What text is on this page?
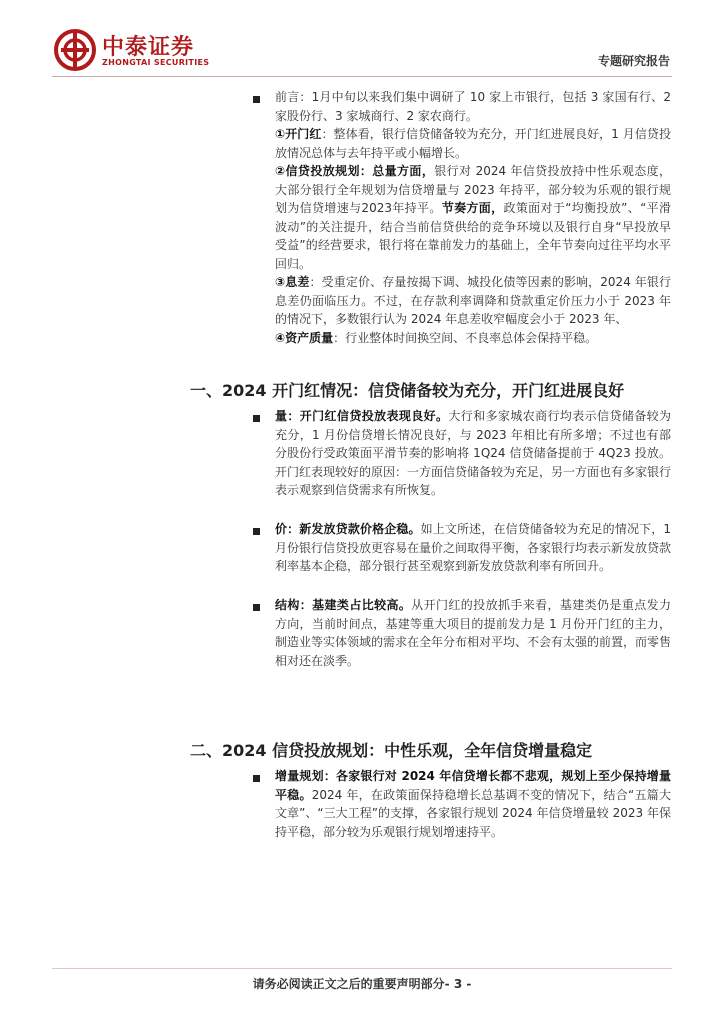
中泰证券
ZHONGTAI SECURITIES	专题研究报告
前言：1月中旬以来我们集中调研了 10 家上市银行，包括 3 家国有行、2 家股份行、3 家城商行、2 家农商行。
①开门红：整体看，银行信贷储备较为充分，开门红进展良好，1 月信贷投放情况总体与去年持平或小幅增长。
②信贷投放规划：总量方面，银行对 2024 年信贷投放持中性乐观态度，大部分银行全年规划为信贷增量与 2023 年持平，部分较为乐观的银行规划为信贷增速与2023年持平。节奏方面，政策面对于“均衡投放”、“平滑波动”的关注提升，结合当前信贷供给的竞争环境以及银行自身“早投放早受益”的经营要求，银行将在靠前发力的基础上，全年节奏向过往平均水平回归。
③息差：受重定价、存量按揭下调、城投化债等因素的影响，2024 年银行息差仍面临压力。不过，在存款利率调降和贷款重定价压力小于 2023 年的情况下，多数银行认为 2024 年息差收窄幅度会小于 2023 年、
④资产质量：行业整体时间换空间、不良率总体会保持平稳。
一、2024 开门红情况：信贷储备较为充分，开门红进展良好
量：开门红信贷投放表现良好。大行和多家城农商行均表示信贷储备较为充分，1 月份信贷增长情况良好，与 2023 年相比有所多增；不过也有部分股份行受政策面平滑节奏的影响将 1Q24 信贷储备提前于 4Q23 投放。开门红表现较好的原因：一方面信贷储备较为充足，另一方面也有多家银行表示观察到信贷需求有所恢复。
价：新发放贷款价格企稳。如上文所述，在信贷储备较为充足的情况下，1 月份银行信贷投放更容易在量价之间取得平衡，各家银行均表示新发放贷款利率基本企稳，部分银行甚至观察到新发放贷款利率有所回升。
结构：基建类占比较高。从开门红的投放抓手来看，基建类仍是重点发力方向，当前时间点，基建等重大项目的提前发力是 1 月份开门红的主力，制造业等实体领域的需求在全年分布相对平均、不会有太强的前置，而零售相对还在淡季。
二、2024 信贷投放规划：中性乐观，全年信贷增量稳定
增量规划：各家银行对 2024 年信贷增长都不悲观，规划上至少保持增量平稳。2024 年，在政策面保持稳增长总基调不变的情况下，结合“五篇大文章”、“三大工程”的支撑，各家银行规划 2024 年信贷增量较 2023 年保持平稳，部分较为乐观银行规划增速持平。
请务必阅读正文之后的重要声明部分- 3 -
